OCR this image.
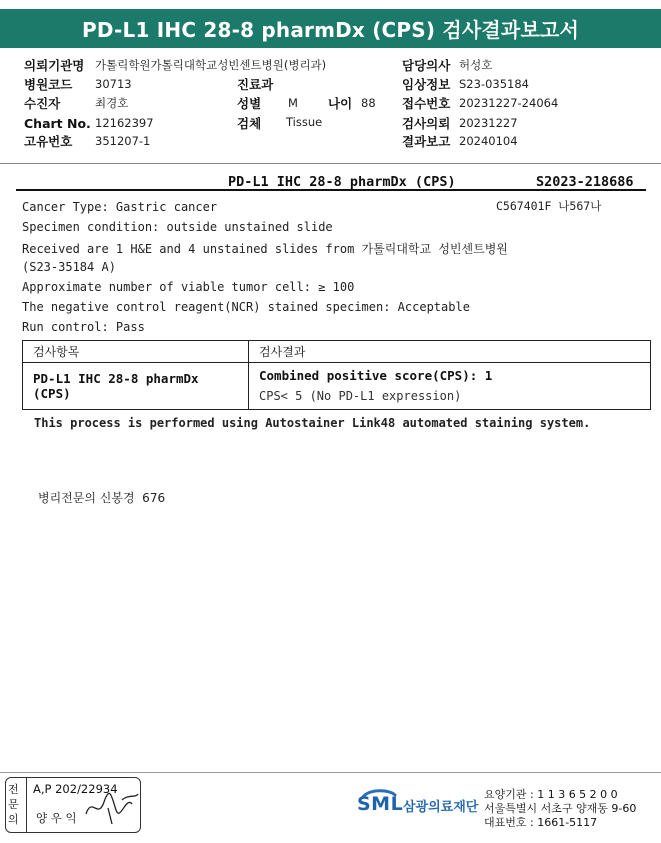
PD-L1 IHC 28-8 pharmDx (CPS) 검사결과보고서
의뢰기관명 가톨릭학원가톨릭대학교성빈센트병원(병리과)	담당의사 허성호
병원코드 30713	진료과	임상정보 S23-035184
수진자	최경호	성별 M 나이 88 접수번호 20231227-24064
Chart No. 12162397	검체 Tissue	검사의뢰 20231227
고유번호 351207-1	결과보고 20240104
PD-L1 IHC 28-8 pharmDx (CPS)	S2023-218686
C567401F 나567나
Cancer Type: Gastric cancer
Specimen condition: outside unstained slide
Received are 1 H&E and 4 unstained slides from 가톨릭대학교 성빈센트병원
(S23-35184 A)
Approximate number of viable tumor cell: ≥ 100
The negative control reagent(NCR) stained specimen: Acceptable
Run control: Pass
검사항목	검사결과
PD-L1 IHC 28-8 pharmDx (CPS)	Combined positive score(CPS): 1
CPS< 5 (No PD-L1 expression)
This process is performed using Autostainer Link48 automated staining system.
병리전문의 신봉경  676
전문의
A,P 202/22934
양 우 익
SML 삼광의료재단
요양기관 : 1 1 3 6 5 2 0 0
서울특별시 서초구 양재동 9-60
대표번호 : 1661-5117
